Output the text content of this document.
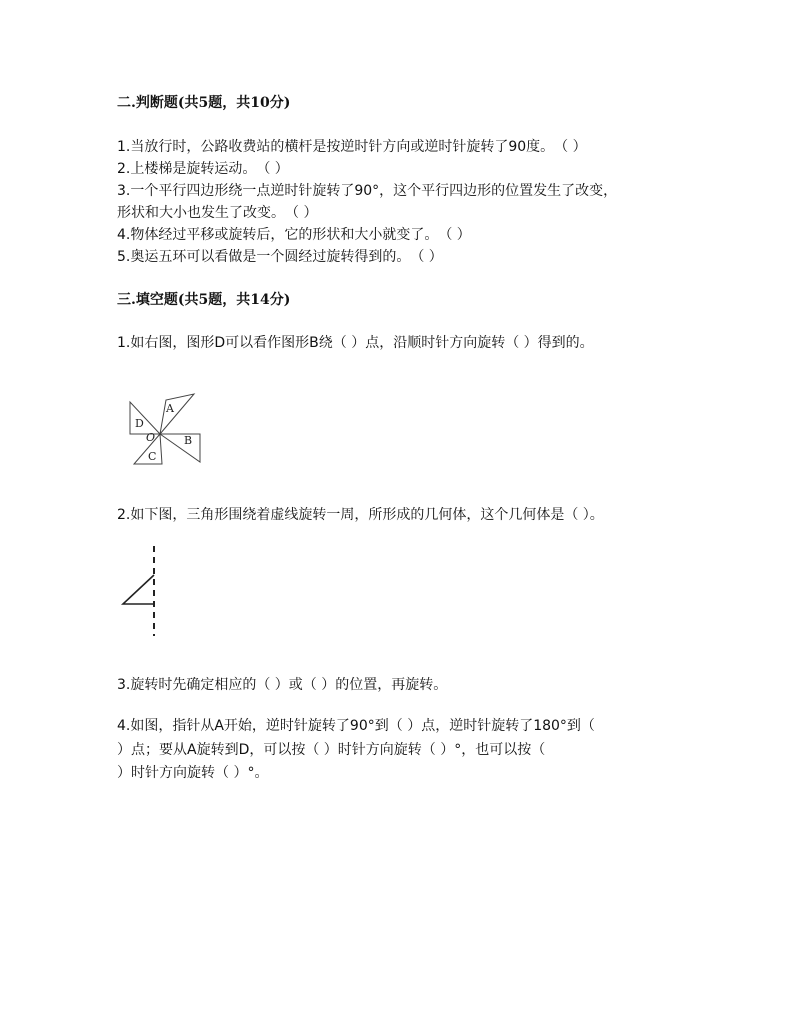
二.判断题(共5题，共10分)
1.当放行时，公路收费站的横杆是按逆时针方向或逆时针旋转了90度。　（ ）
2.上楼梯是旋转运动。　（ ）
3.一个平行四边形绕一点逆时针旋转了90°，这个平行四边形的位置发生了改变，
形状和大小也发生了改变。　（ ）
4.物体经过平移或旋转后，它的形状和大小就变了。　（ ）
5.奥运五环可以看做是一个圆经过旋转得到的。　（ ）
三.填空题(共5题，共14分)
1.如右图，图形D可以看作图形B绕（ ）点，沿顺时针方向旋转（ ）得到的。
A
B
C
D
O
2.如下图，三角形围绕着虚线旋转一周，所形成的几何体，这个几何体是（ ）。
3.旋转时先确定相应的（ ）或（ ）的位置，再旋转。
4.如图，指针从A开始，逆时针旋转了90°到（ ）点，逆时针旋转了180°到（
）点；要从A旋转到D，可以按（ ）时针方向旋转（ ）°，也可以按（
）时针方向旋转（ ）°。
